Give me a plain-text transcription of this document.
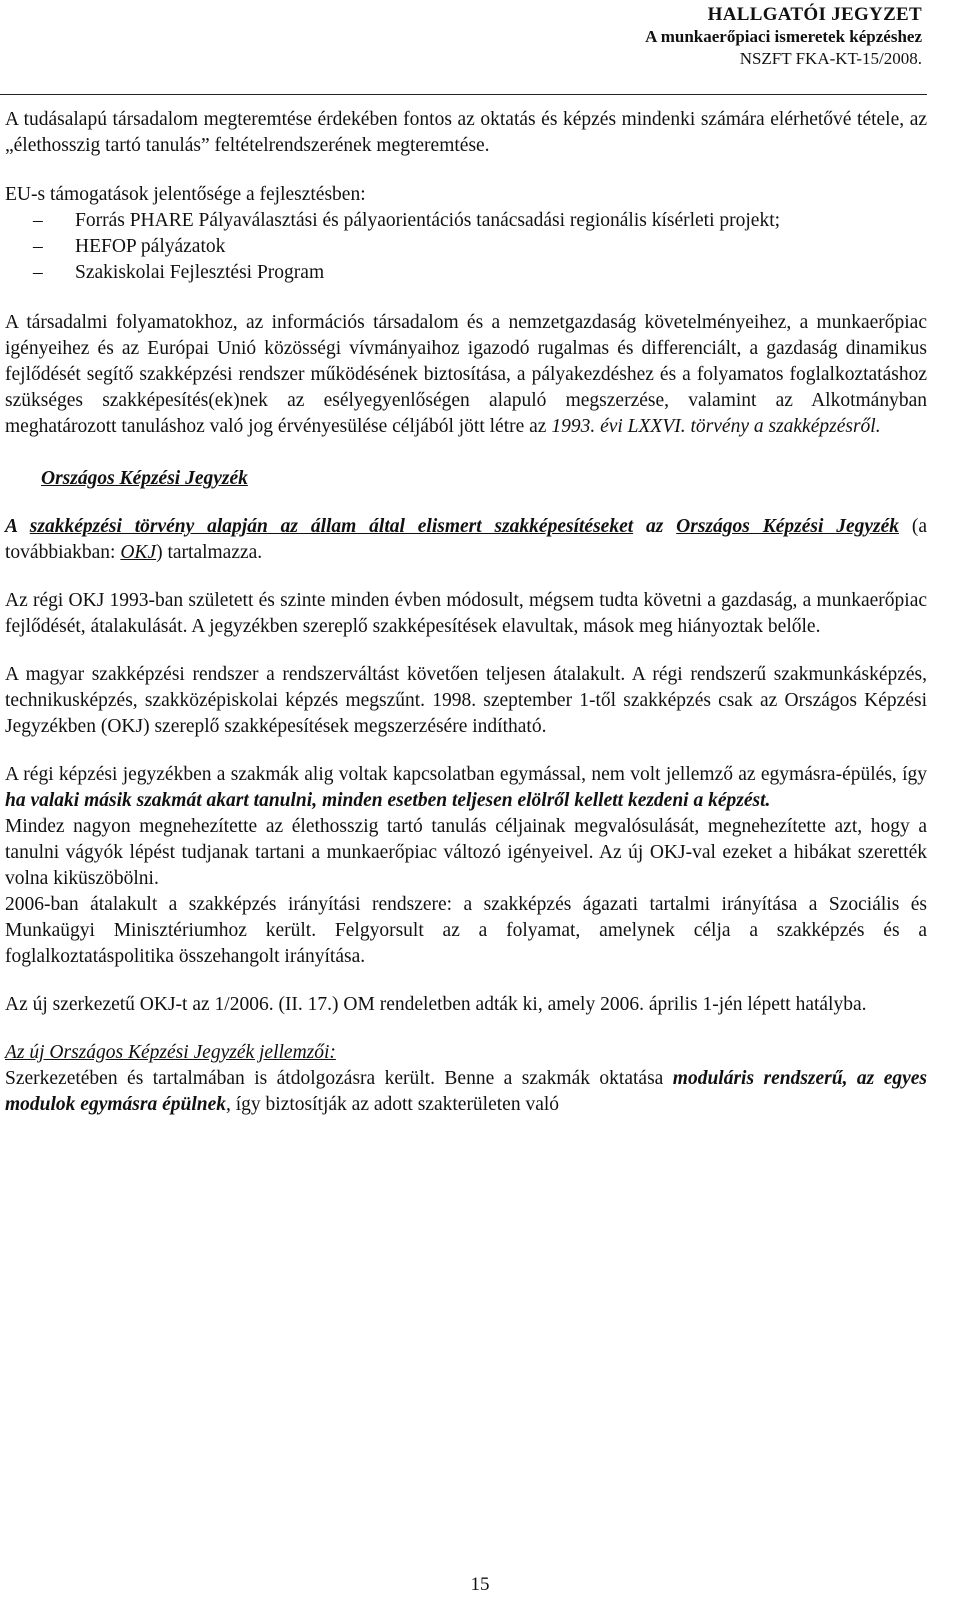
HALLGATÓI JEGYZET
A munkaerőpiaci ismeretek képzéshez
NSZFT FKA-KT-15/2008.

A tudásalapú társadalom megteremtése érdekében fontos az oktatás és képzés mindenki számára elérhetővé tétele, az „élethosszig tartó tanulás” feltételrendszerének megteremtése.

EU-s támogatások jelentősége a fejlesztésben:

– Forrás PHARE Pályaválasztási és pályaorientációs tanácsadási regionális kísérleti projekt;
– HEFOP pályázatok
– Szakiskolai Fejlesztési Program

A társadalmi folyamatokhoz, az információs társadalom és a nemzetgazdaság követelményeihez, a munkaerőpiac igényeihez és az Európai Unió közösségi vívmányaihoz igazodó rugalmas és differenciált, a gazdaság dinamikus fejlődését segítő szakképzési rendszer működésének biztosítása, a pályakezdéshez és a folyamatos foglalkoztatáshoz szükséges szakképesítés(ek)nek az esélyegyenlőségen alapuló megszerzése, valamint az Alkotmányban meghatározott tanuláshoz való jog érvényesülése céljából jött létre az 1993. évi LXXVI. törvény a szakképzésről.

Országos Képzési Jegyzék

A szakképzési törvény alapján az állam által elismert szakképesítéseket az Országos Képzési Jegyzék (a továbbiakban: OKJ) tartalmazza.

Az régi OKJ 1993-ban született és szinte minden évben módosult, mégsem tudta követni a gazdaság, a munkaerőpiac fejlődését, átalakulását. A jegyzékben szereplő szakképesítések elavultak, mások meg hiányoztak belőle.

A magyar szakképzési rendszer a rendszerváltást követően teljesen átalakult. A régi rendszerű szakmunkásképzés, technikusképzés, szakközépiskolai képzés megszűnt. 1998. szeptember 1-től szakképzés csak az Országos Képzési Jegyzékben (OKJ) szereplő szakképesítések megszerzésére indítható.

A régi képzési jegyzékben a szakmák alig voltak kapcsolatban egymással, nem volt jellemző az egymásra-épülés, így ha valaki másik szakmát akart tanulni, minden esetben teljesen elölről kellett kezdeni a képzést.

Mindez nagyon megnehezítette az élethosszig tartó tanulás céljainak megvalósulását, megnehezítette azt, hogy a tanulni vágyók lépést tudjanak tartani a munkaerőpiac változó igényeivel. Az új OKJ-val ezeket a hibákat szerették volna kiküszöbölni.

2006-ban átalakult a szakképzés irányítási rendszere: a szakképzés ágazati tartalmi irányítása a Szociális és Munkaügyi Minisztériumhoz került. Felgyorsult az a folyamat, amelynek célja a szakképzés és a foglalkoztatáspolitika összehangolt irányítása.

Az új szerkezetű OKJ-t az 1/2006. (II. 17.) OM rendeletben adták ki, amely 2006. április 1-jén lépett hatályba.

Az új Országos Képzési Jegyzék jellemzői:

Szerkezetében és tartalmában is átdolgozásra került. Benne a szakmák oktatása moduláris rendszerű, az egyes modulok egymásra épülnek, így biztosítják az adott szakterületen való

15
